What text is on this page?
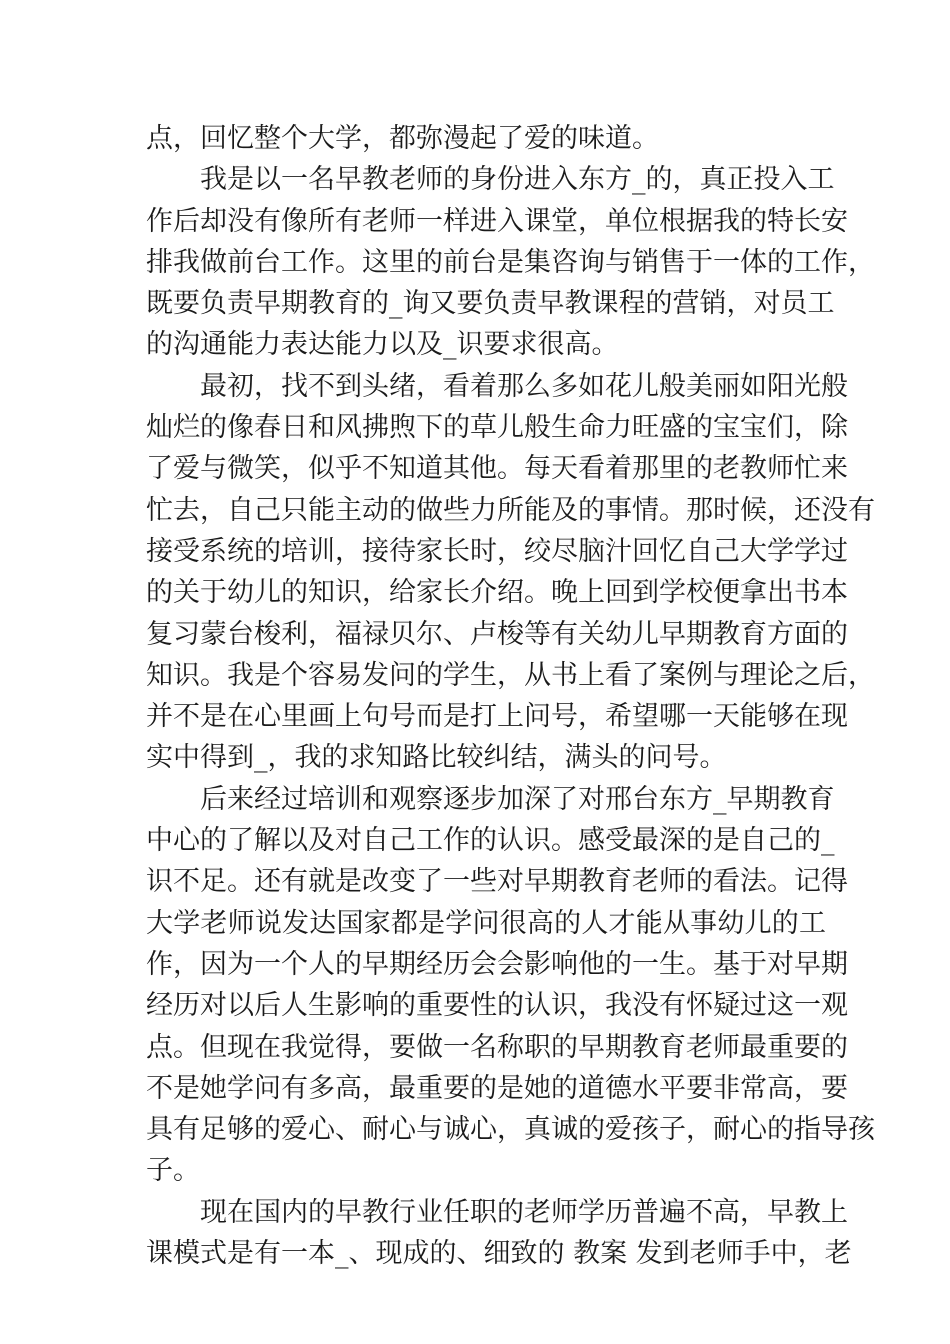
点，回忆整个大学，都弥漫起了爱的味道。
我是以一名早教老师的身份进入东方_的，真正投入工
作后却没有像所有老师一样进入课堂，单位根据我的特长安
排我做前台工作。这里的前台是集咨询与销售于一体的工作，
既要负责早期教育的_询又要负责早教课程的营销，对员工
的沟通能力表达能力以及_识要求很高。
最初，找不到头绪，看着那么多如花儿般美丽如阳光般
灿烂的像春日和风拂煦下的草儿般生命力旺盛的宝宝们，除
了爱与微笑，似乎不知道其他。每天看着那里的老教师忙来
忙去，自己只能主动的做些力所能及的事情。那时候，还没有
接受系统的培训，接待家长时，绞尽脑汁回忆自己大学学过
的关于幼儿的知识，给家长介绍。晚上回到学校便拿出书本
复习蒙台梭利，福禄贝尔、卢梭等有关幼儿早期教育方面的
知识。我是个容易发问的学生，从书上看了案例与理论之后，
并不是在心里画上句号而是打上问号，希望哪一天能够在现
实中得到_，我的求知路比较纠结，满头的问号。
后来经过培训和观察逐步加深了对邢台东方_早期教育
中心的了解以及对自己工作的认识。感受最深的是自己的_
识不足。还有就是改变了一些对早期教育老师的看法。记得
大学老师说发达国家都是学问很高的人才能从事幼儿的工
作，因为一个人的早期经历会会影响他的一生。基于对早期
经历对以后人生影响的重要性的认识，我没有怀疑过这一观
点。但现在我觉得，要做一名称职的早期教育老师最重要的
不是她学问有多高，最重要的是她的道德水平要非常高，要
具有足够的爱心、耐心与诚心，真诚的爱孩子，耐心的指导孩
子。
现在国内的早教行业任职的老师学历普遍不高，早教上
课模式是有一本_、现成的、细致的 教案 发到老师手中，老
